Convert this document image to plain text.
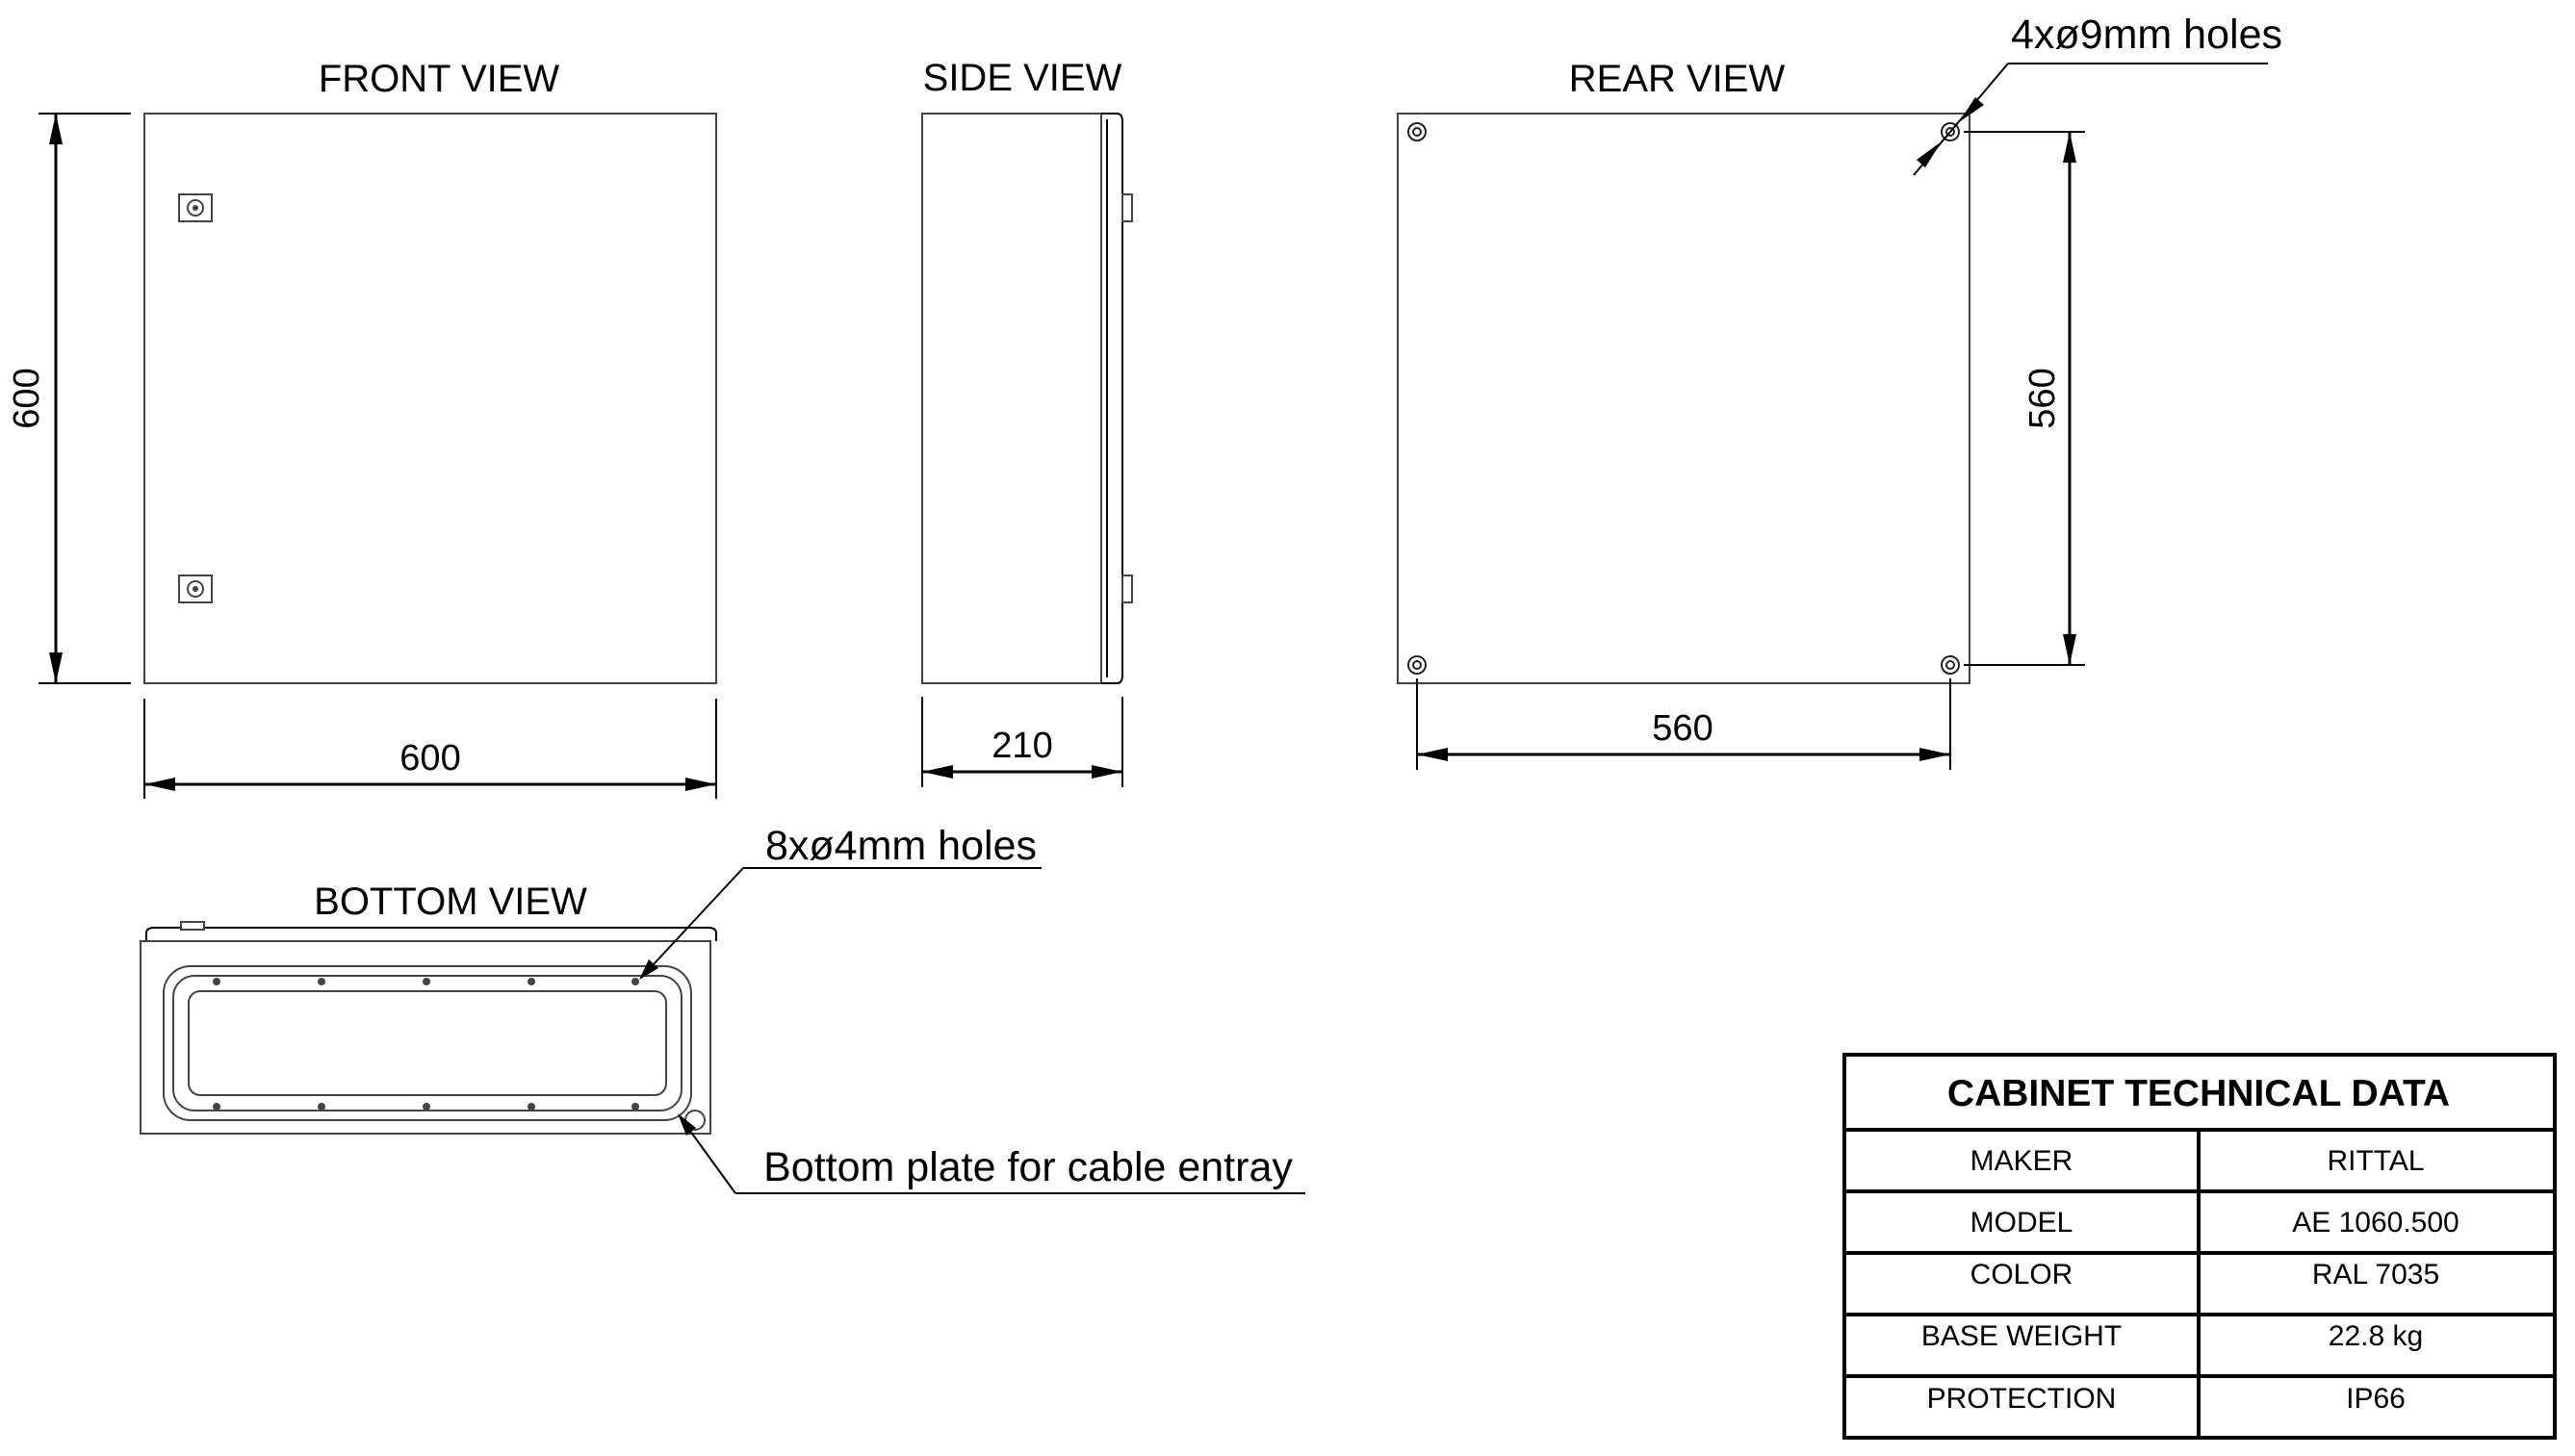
FRONT VIEW
600
600
SIDE VIEW
210
REAR VIEW
4xø9mm holes
560
560
BOTTOM VIEW
8xø4mm holes
Bottom plate for cable entray
CABINET TECHNICAL DATA
MAKER	RITTAL
MODEL	AE 1060.500
COLOR	RAL 7035
BASE WEIGHT	22.8 kg
PROTECTION	IP66
